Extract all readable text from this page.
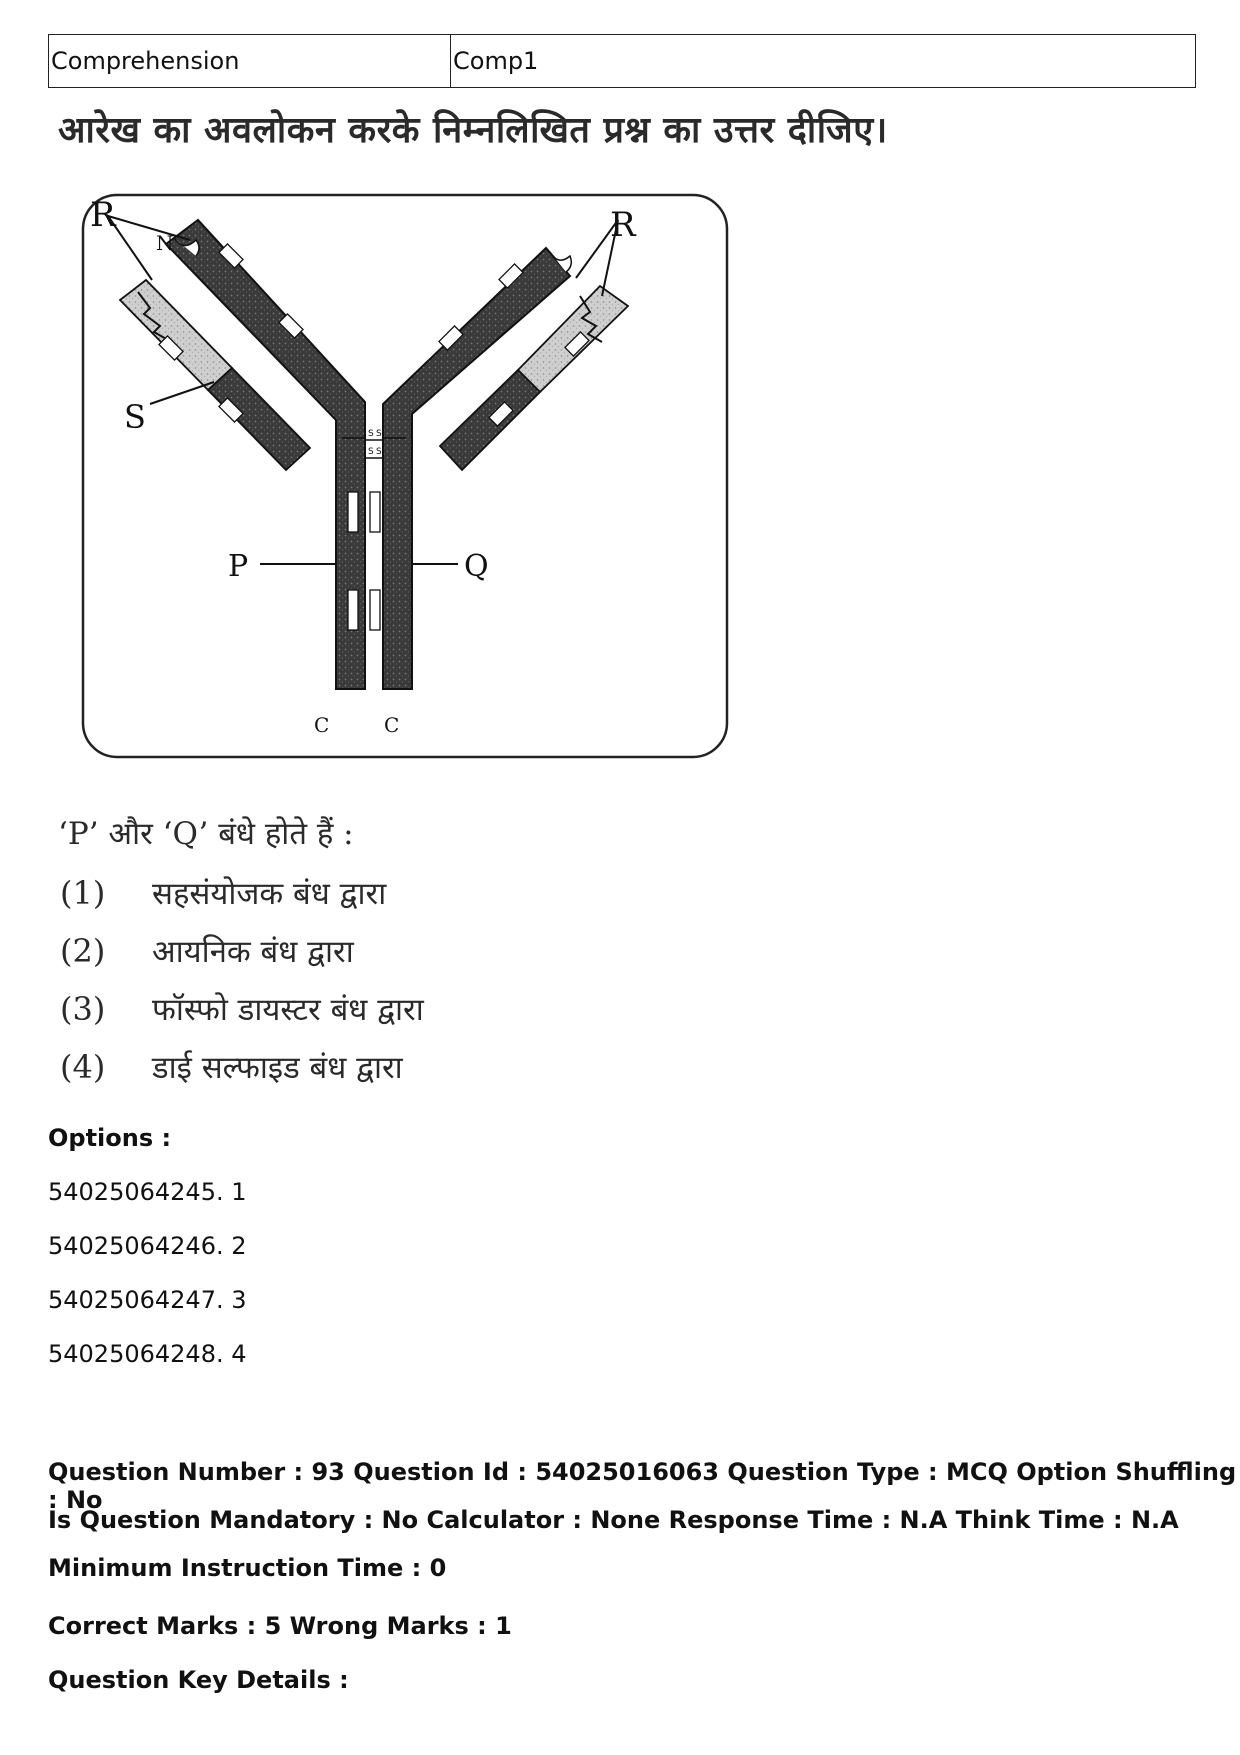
Comprehension	Comp1
आरेख का अवलोकन करके निम्नलिखित प्रश्न का उत्तर दीजिए।
S S
S S
R	R
N
S
P	Q
C	C
‘P’ और ‘Q’ बंधे होते हैं :
(1)	सहसंयोजक बंध द्वारा
(2)	आयनिक बंध द्वारा
(3)	फॉस्फो डायस्टर बंध द्वारा
(4)	डाई सल्फाइड बंध द्वारा
Options :
54025064245. 1
54025064246. 2
54025064247. 3
54025064248. 4
Question Number : 93 Question Id : 54025016063 Question Type : MCQ Option Shuffling : No
Is Question Mandatory : No Calculator : None Response Time : N.A Think Time : N.A
Minimum Instruction Time : 0
Correct Marks : 5 Wrong Marks : 1
Question Key Details :
